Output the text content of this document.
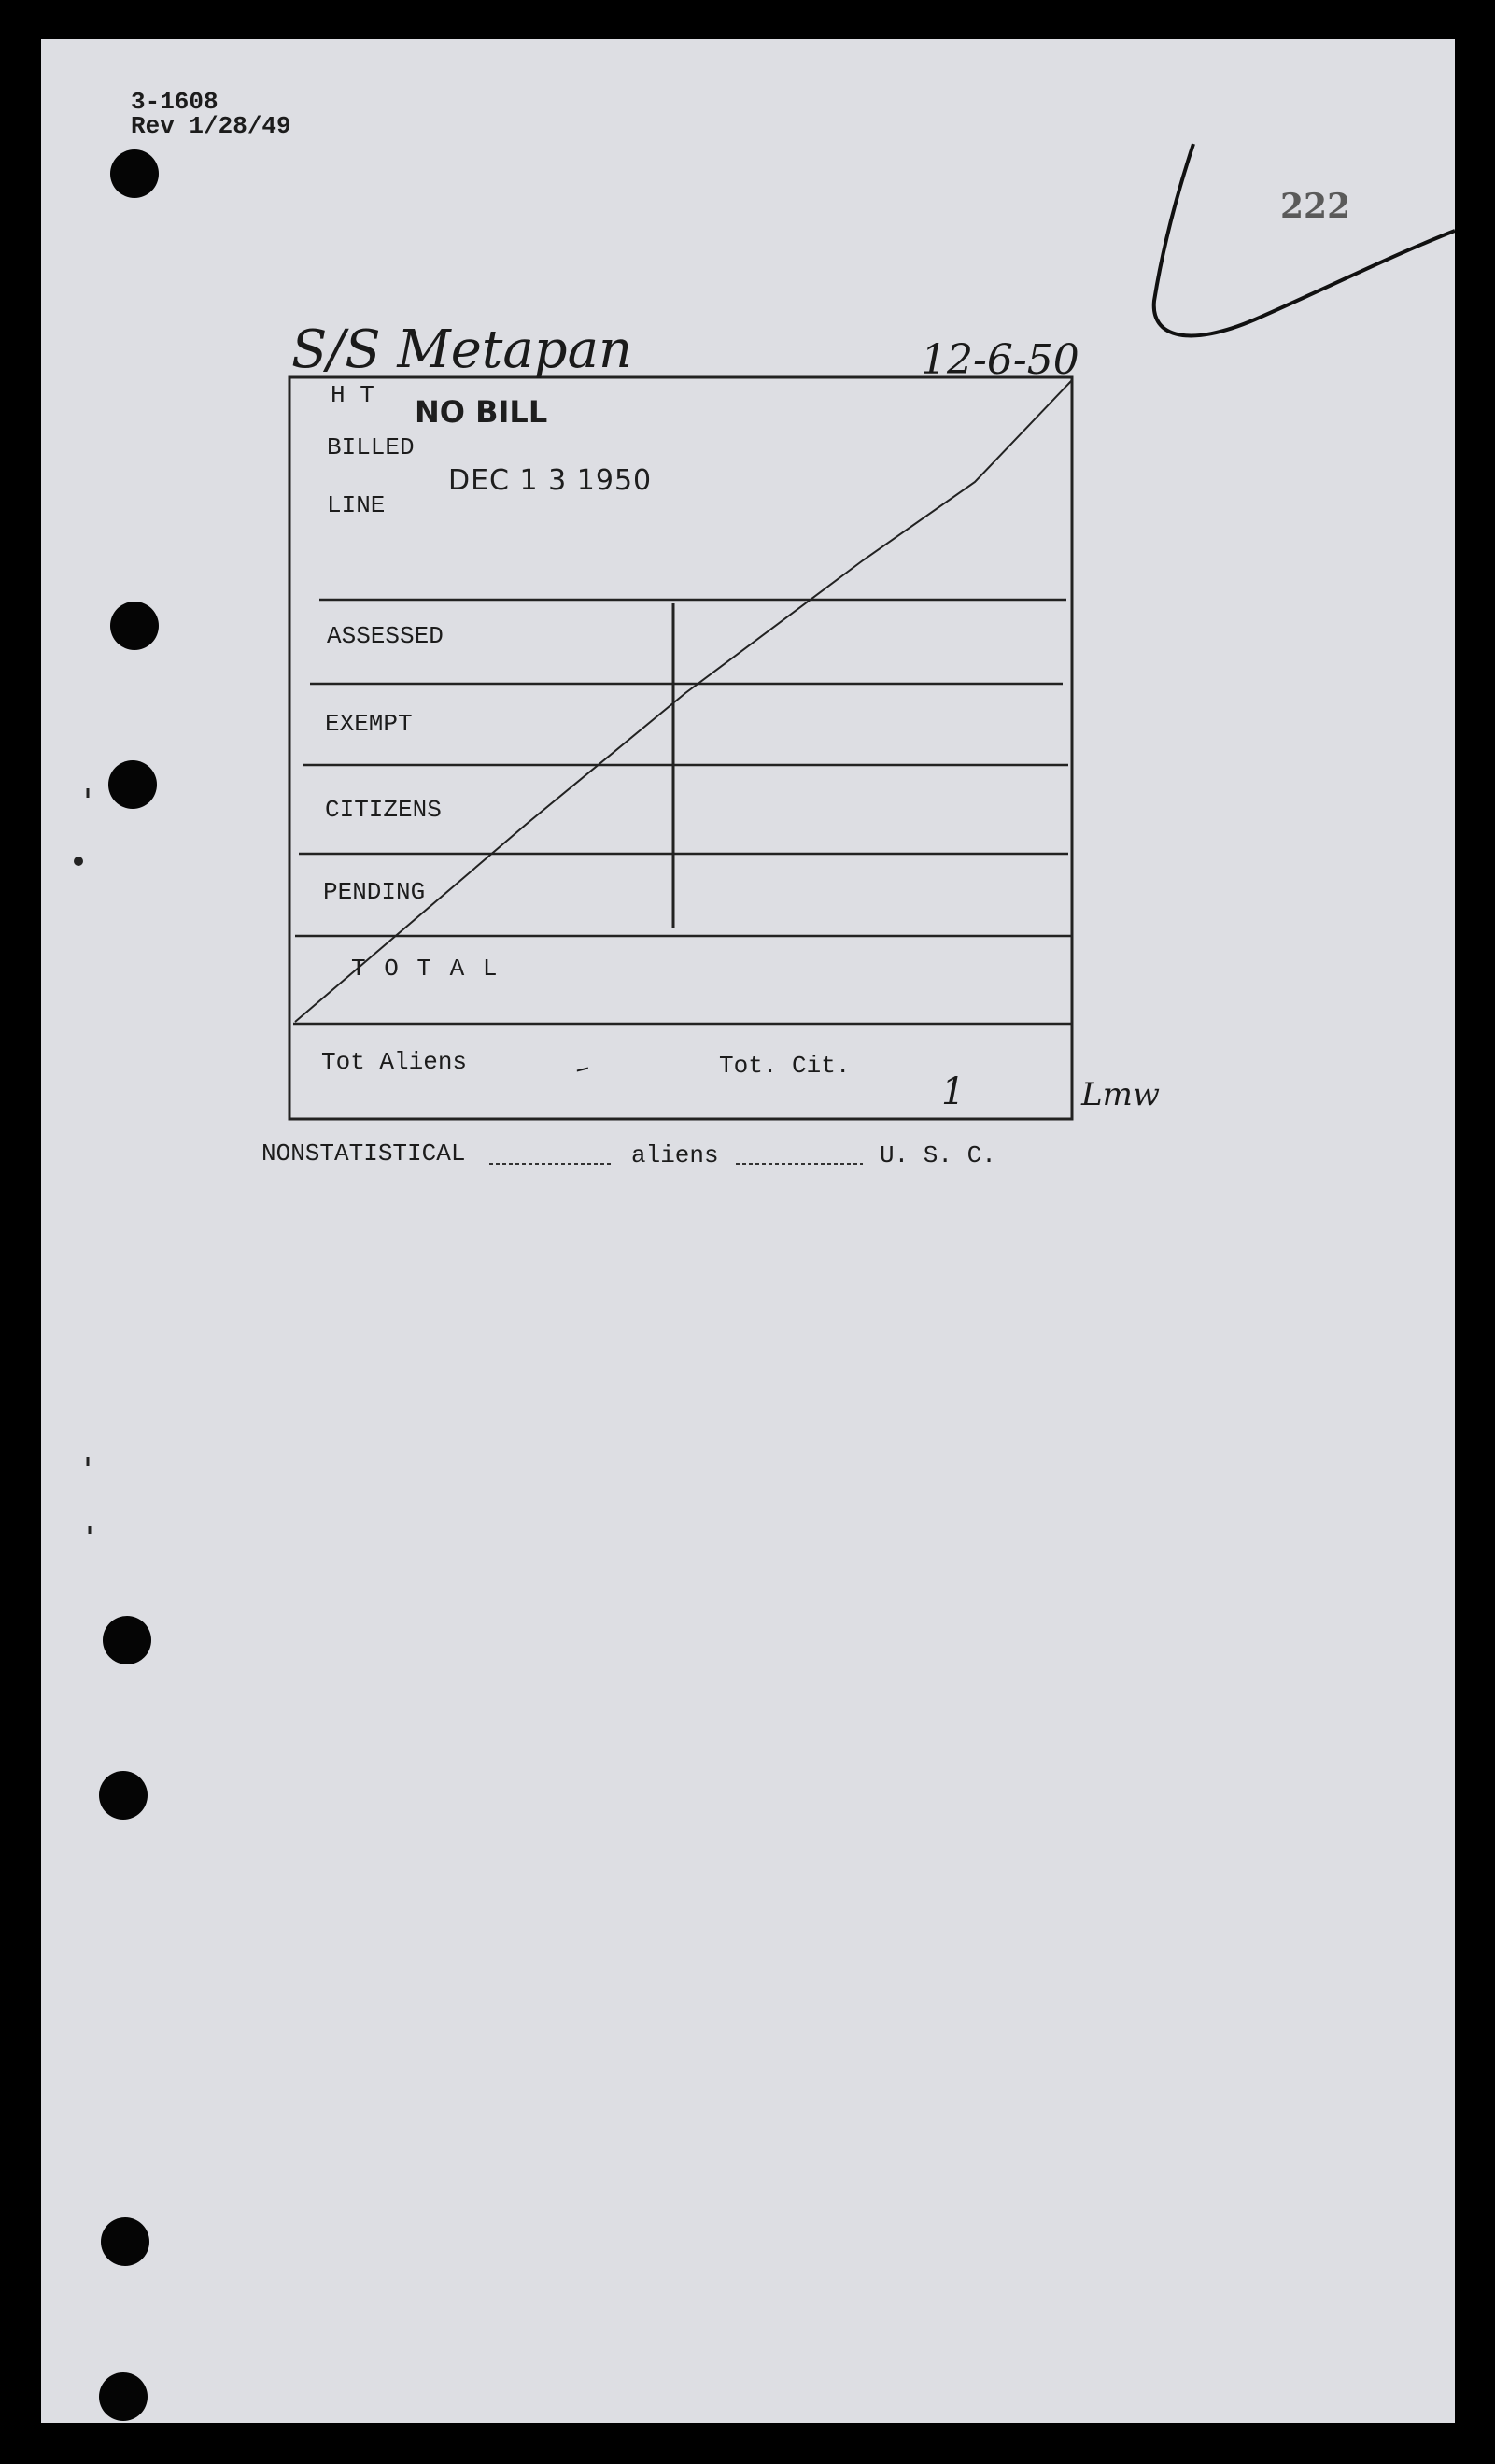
3-1608
Rev 1/28/49
222
S/S Metapan	12-6-50
H T
BILLED
LINE
NO BILL
DEC 1 3 1950
ASSESSED
EXEMPT
CITIZENS
PENDING
T O T A L
Tot Aliens	–	Tot. Cit.
1	Lmw
NONSTATISTICAL	aliens	U. S. C.
